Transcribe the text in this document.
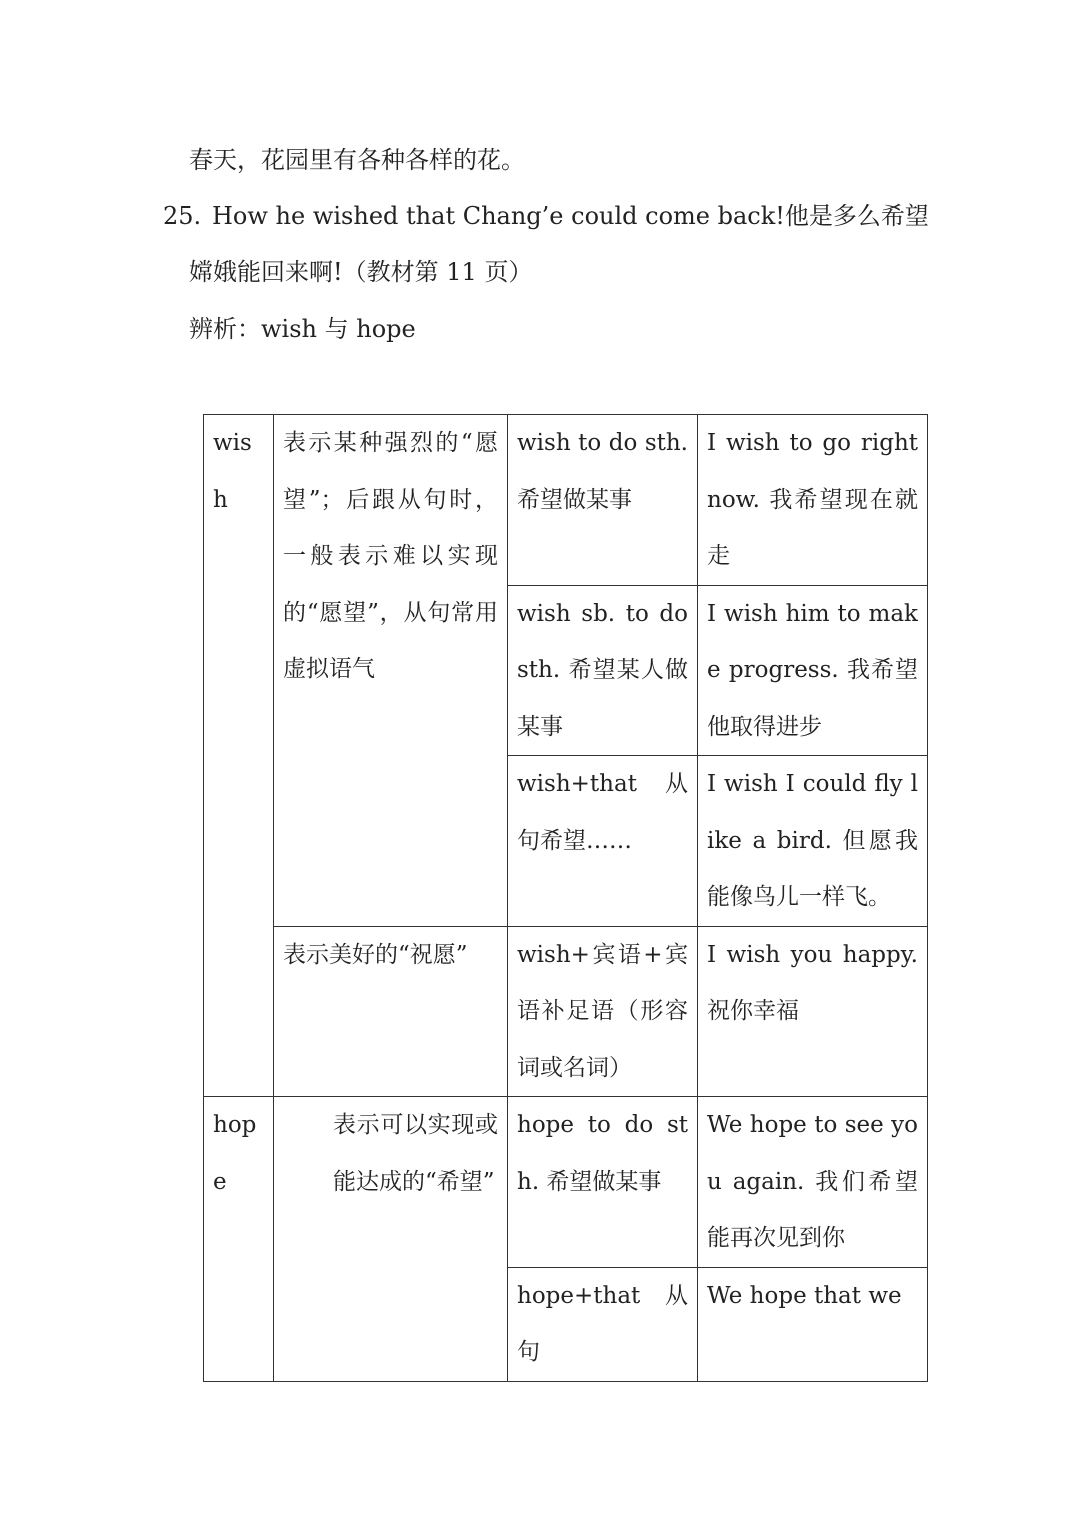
春天，花园里有各种各样的花。
25. How he wished that Chang’e could come back!他是多么希望
嫦娥能回来啊!（教材第 11 页）
辨析：wish 与 hope
wish	表示某种强烈的“愿望”；后跟从句时，一般表示难以实现的“愿望”，从句常用虚拟语气	wish to do sth. 希望做某事	I wish to go right now. 我希望现在就走
		wish sb. to do sth. 希望某人做某事	I wish him to make progress. 我希望他取得进步
		wish+that 从句希望……	I wish I could fly like a bird. 但愿我能像鸟儿一样飞。
	表示美好的“祝愿”	wish+宾语+宾语补足语（形容词或名词）	I wish you happy. 祝你幸福
hope	表示可以实现或能达成的“希望”	hope to do sth. 希望做某事	We hope to see you again. 我们希望能再次见到你
		hope+that 从句	We hope that we
